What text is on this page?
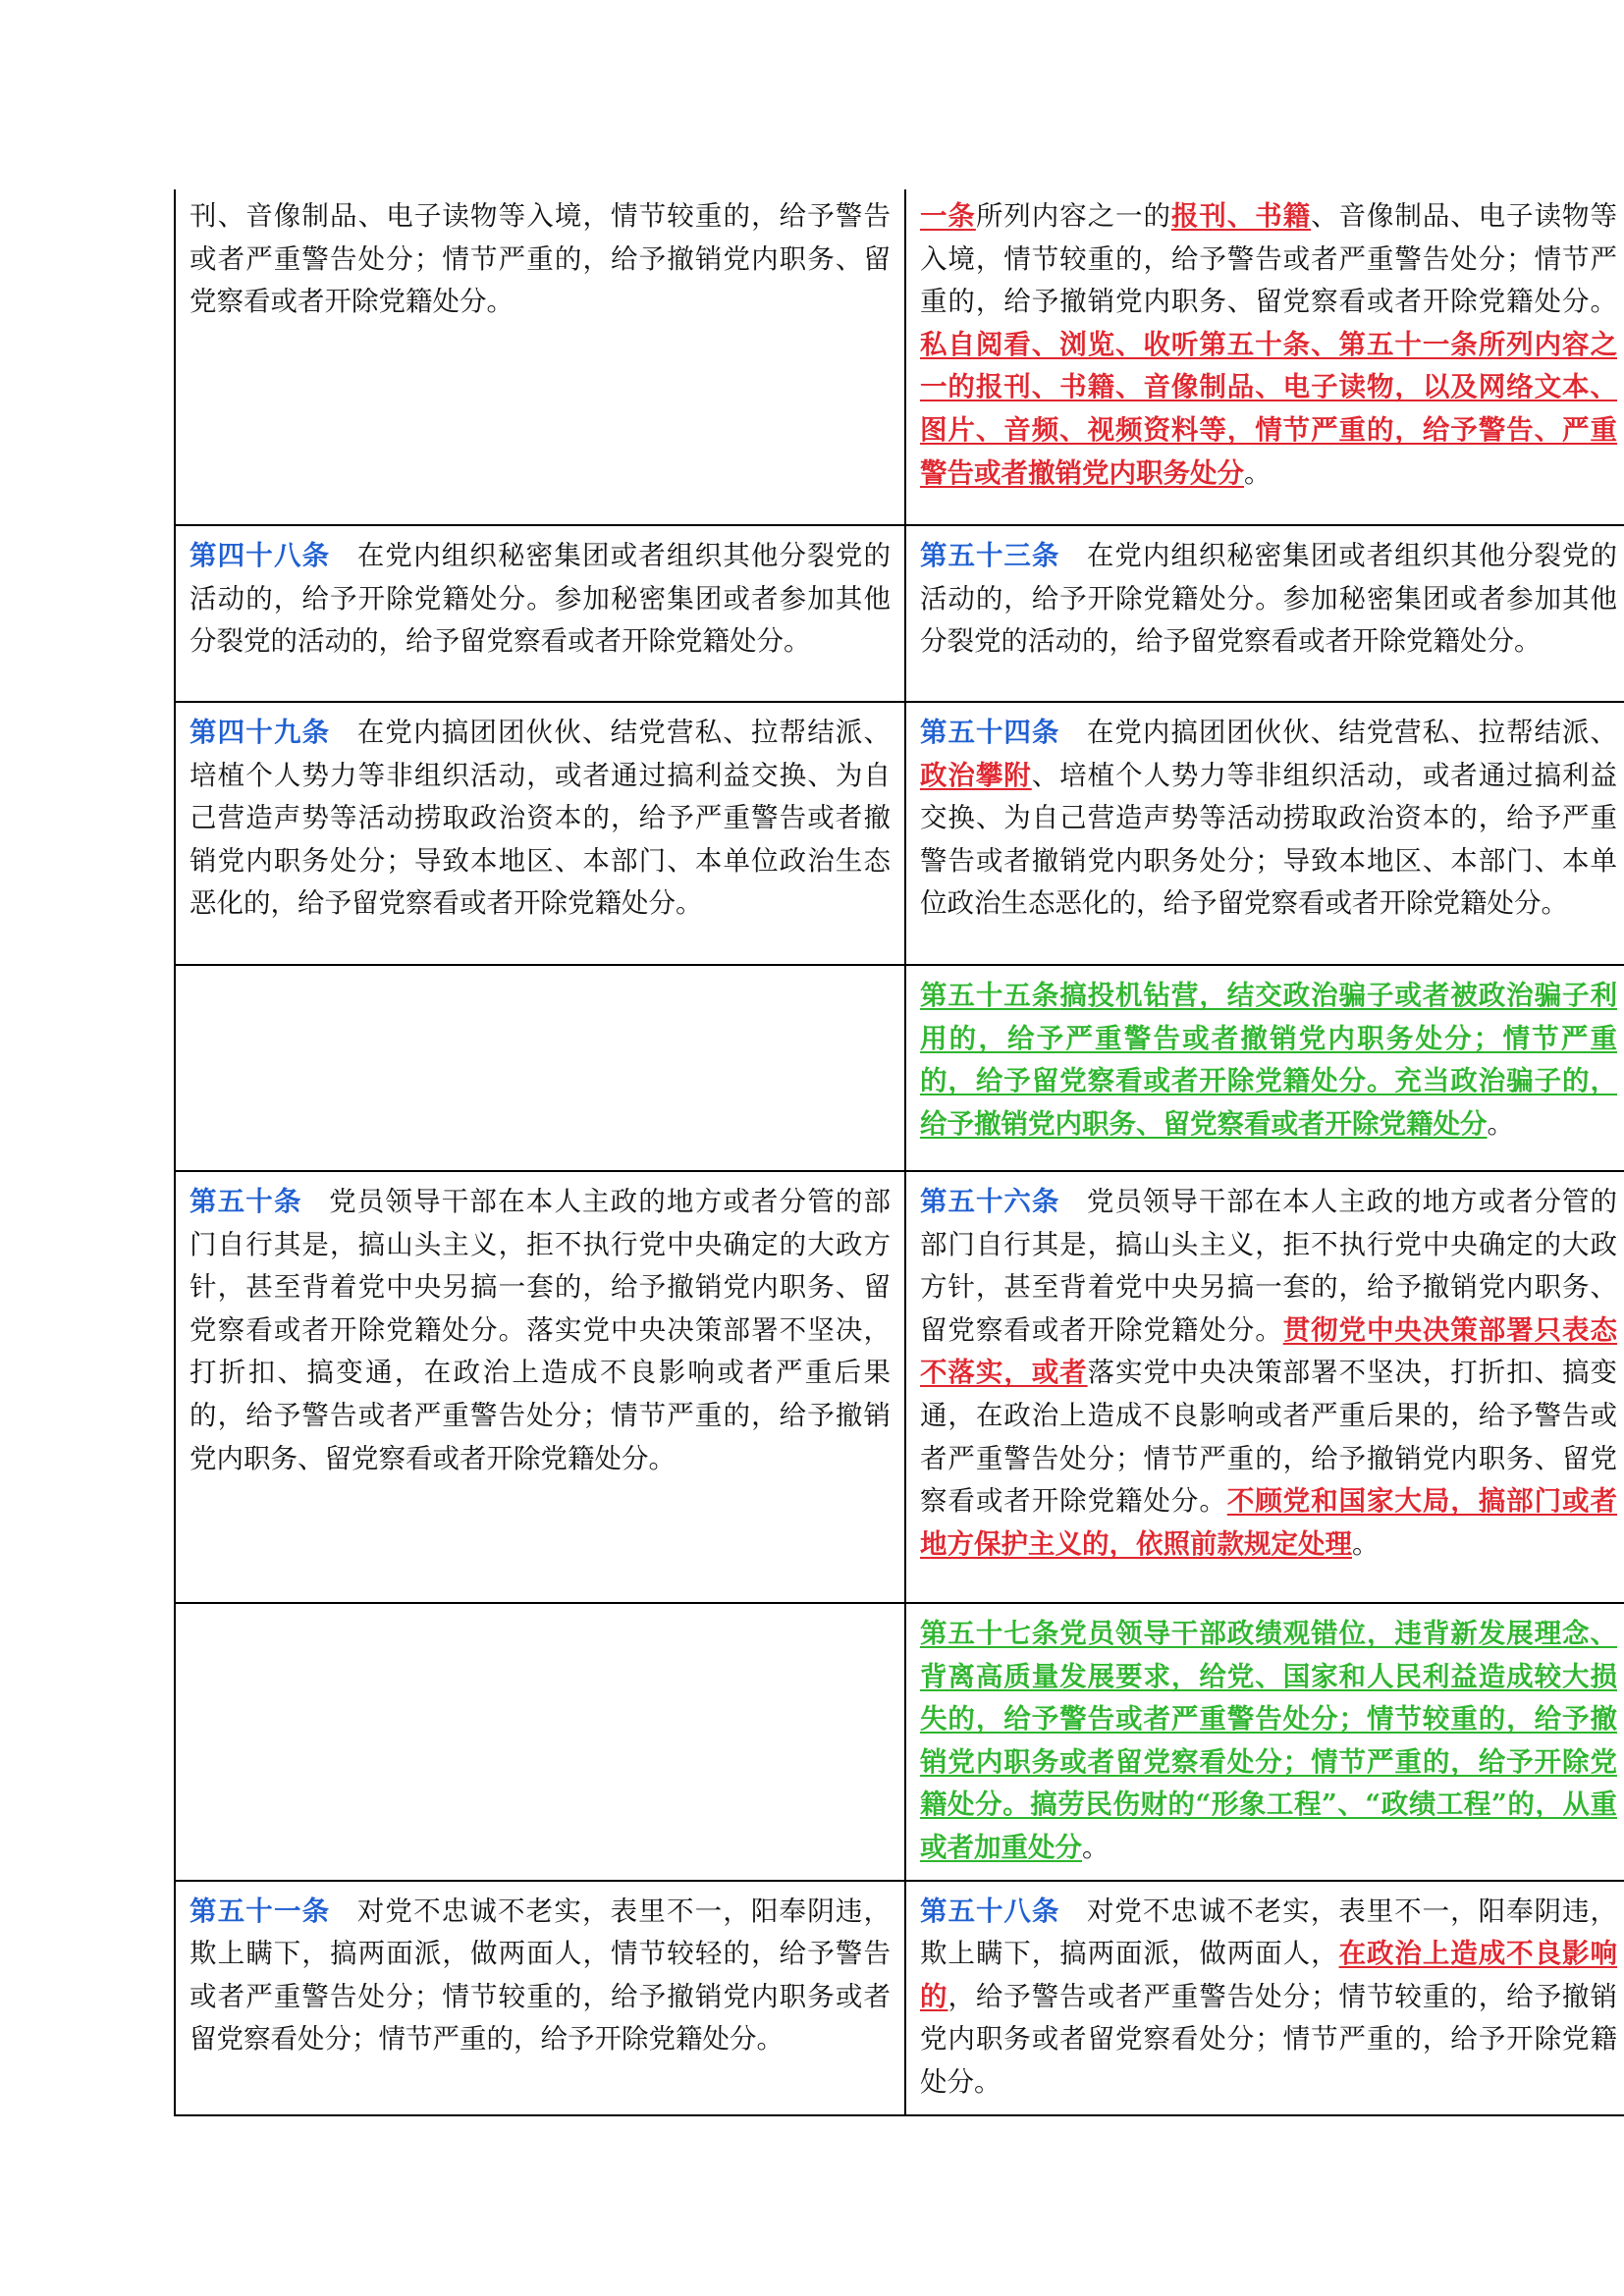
刊、音像制品、电子读物等入境，情节较重的，给予警告或者严重警告处分；情节严重的，给予撤销党内职务、留党察看或者开除党籍处分。	一条所列内容之一的报刊、书籍、音像制品、电子读物等入境，情节较重的，给予警告或者严重警告处分；情节严重的，给予撤销党内职务、留党察看或者开除党籍处分。私自阅看、浏览、收听第五十条、第五十一条所列内容之一的报刊、书籍、音像制品、电子读物，以及网络文本、图片、音频、视频资料等，情节严重的，给予警告、严重警告或者撤销党内职务处分。
第四十八条 在党内组织秘密集团或者组织其他分裂党的活动的，给予开除党籍处分。参加秘密集团或者参加其他分裂党的活动的，给予留党察看或者开除党籍处分。	第五十三条 在党内组织秘密集团或者组织其他分裂党的活动的，给予开除党籍处分。参加秘密集团或者参加其他分裂党的活动的，给予留党察看或者开除党籍处分。
第四十九条 在党内搞团团伙伙、结党营私、拉帮结派、培植个人势力等非组织活动，或者通过搞利益交换、为自己营造声势等活动捞取政治资本的，给予严重警告或者撤销党内职务处分；导致本地区、本部门、本单位政治生态恶化的，给予留党察看或者开除党籍处分。	第五十四条 在党内搞团团伙伙、结党营私、拉帮结派、政治攀附、培植个人势力等非组织活动，或者通过搞利益交换、为自己营造声势等活动捞取政治资本的，给予严重警告或者撤销党内职务处分；导致本地区、本部门、本单位政治生态恶化的，给予留党察看或者开除党籍处分。
	第五十五条搞投机钻营，结交政治骗子或者被政治骗子利用的，给予严重警告或者撤销党内职务处分；情节严重的，给予留党察看或者开除党籍处分。充当政治骗子的，给予撤销党内职务、留党察看或者开除党籍处分。
第五十条 党员领导干部在本人主政的地方或者分管的部门自行其是，搞山头主义，拒不执行党中央确定的大政方针，甚至背着党中央另搞一套的，给予撤销党内职务、留党察看或者开除党籍处分。落实党中央决策部署不坚决，打折扣、搞变通，在政治上造成不良影响或者严重后果的，给予警告或者严重警告处分；情节严重的，给予撤销党内职务、留党察看或者开除党籍处分。	第五十六条 党员领导干部在本人主政的地方或者分管的部门自行其是，搞山头主义，拒不执行党中央确定的大政方针，甚至背着党中央另搞一套的，给予撤销党内职务、留党察看或者开除党籍处分。贯彻党中央决策部署只表态不落实，或者落实党中央决策部署不坚决，打折扣、搞变通，在政治上造成不良影响或者严重后果的，给予警告或者严重警告处分；情节严重的，给予撤销党内职务、留党察看或者开除党籍处分。不顾党和国家大局，搞部门或者地方保护主义的，依照前款规定处理。
	第五十七条党员领导干部政绩观错位，违背新发展理念、背离高质量发展要求，给党、国家和人民利益造成较大损失的，给予警告或者严重警告处分；情节较重的，给予撤销党内职务或者留党察看处分；情节严重的，给予开除党籍处分。搞劳民伤财的“形象工程”、“政绩工程”的，从重或者加重处分。
第五十一条 对党不忠诚不老实，表里不一，阳奉阴违，欺上瞒下，搞两面派，做两面人，情节较轻的，给予警告或者严重警告处分；情节较重的，给予撤销党内职务或者留党察看处分；情节严重的，给予开除党籍处分。	第五十八条 对党不忠诚不老实，表里不一，阳奉阴违，欺上瞒下，搞两面派，做两面人，在政治上造成不良影响的，给予警告或者严重警告处分；情节较重的，给予撤销党内职务或者留党察看处分；情节严重的，给予开除党籍处分。
